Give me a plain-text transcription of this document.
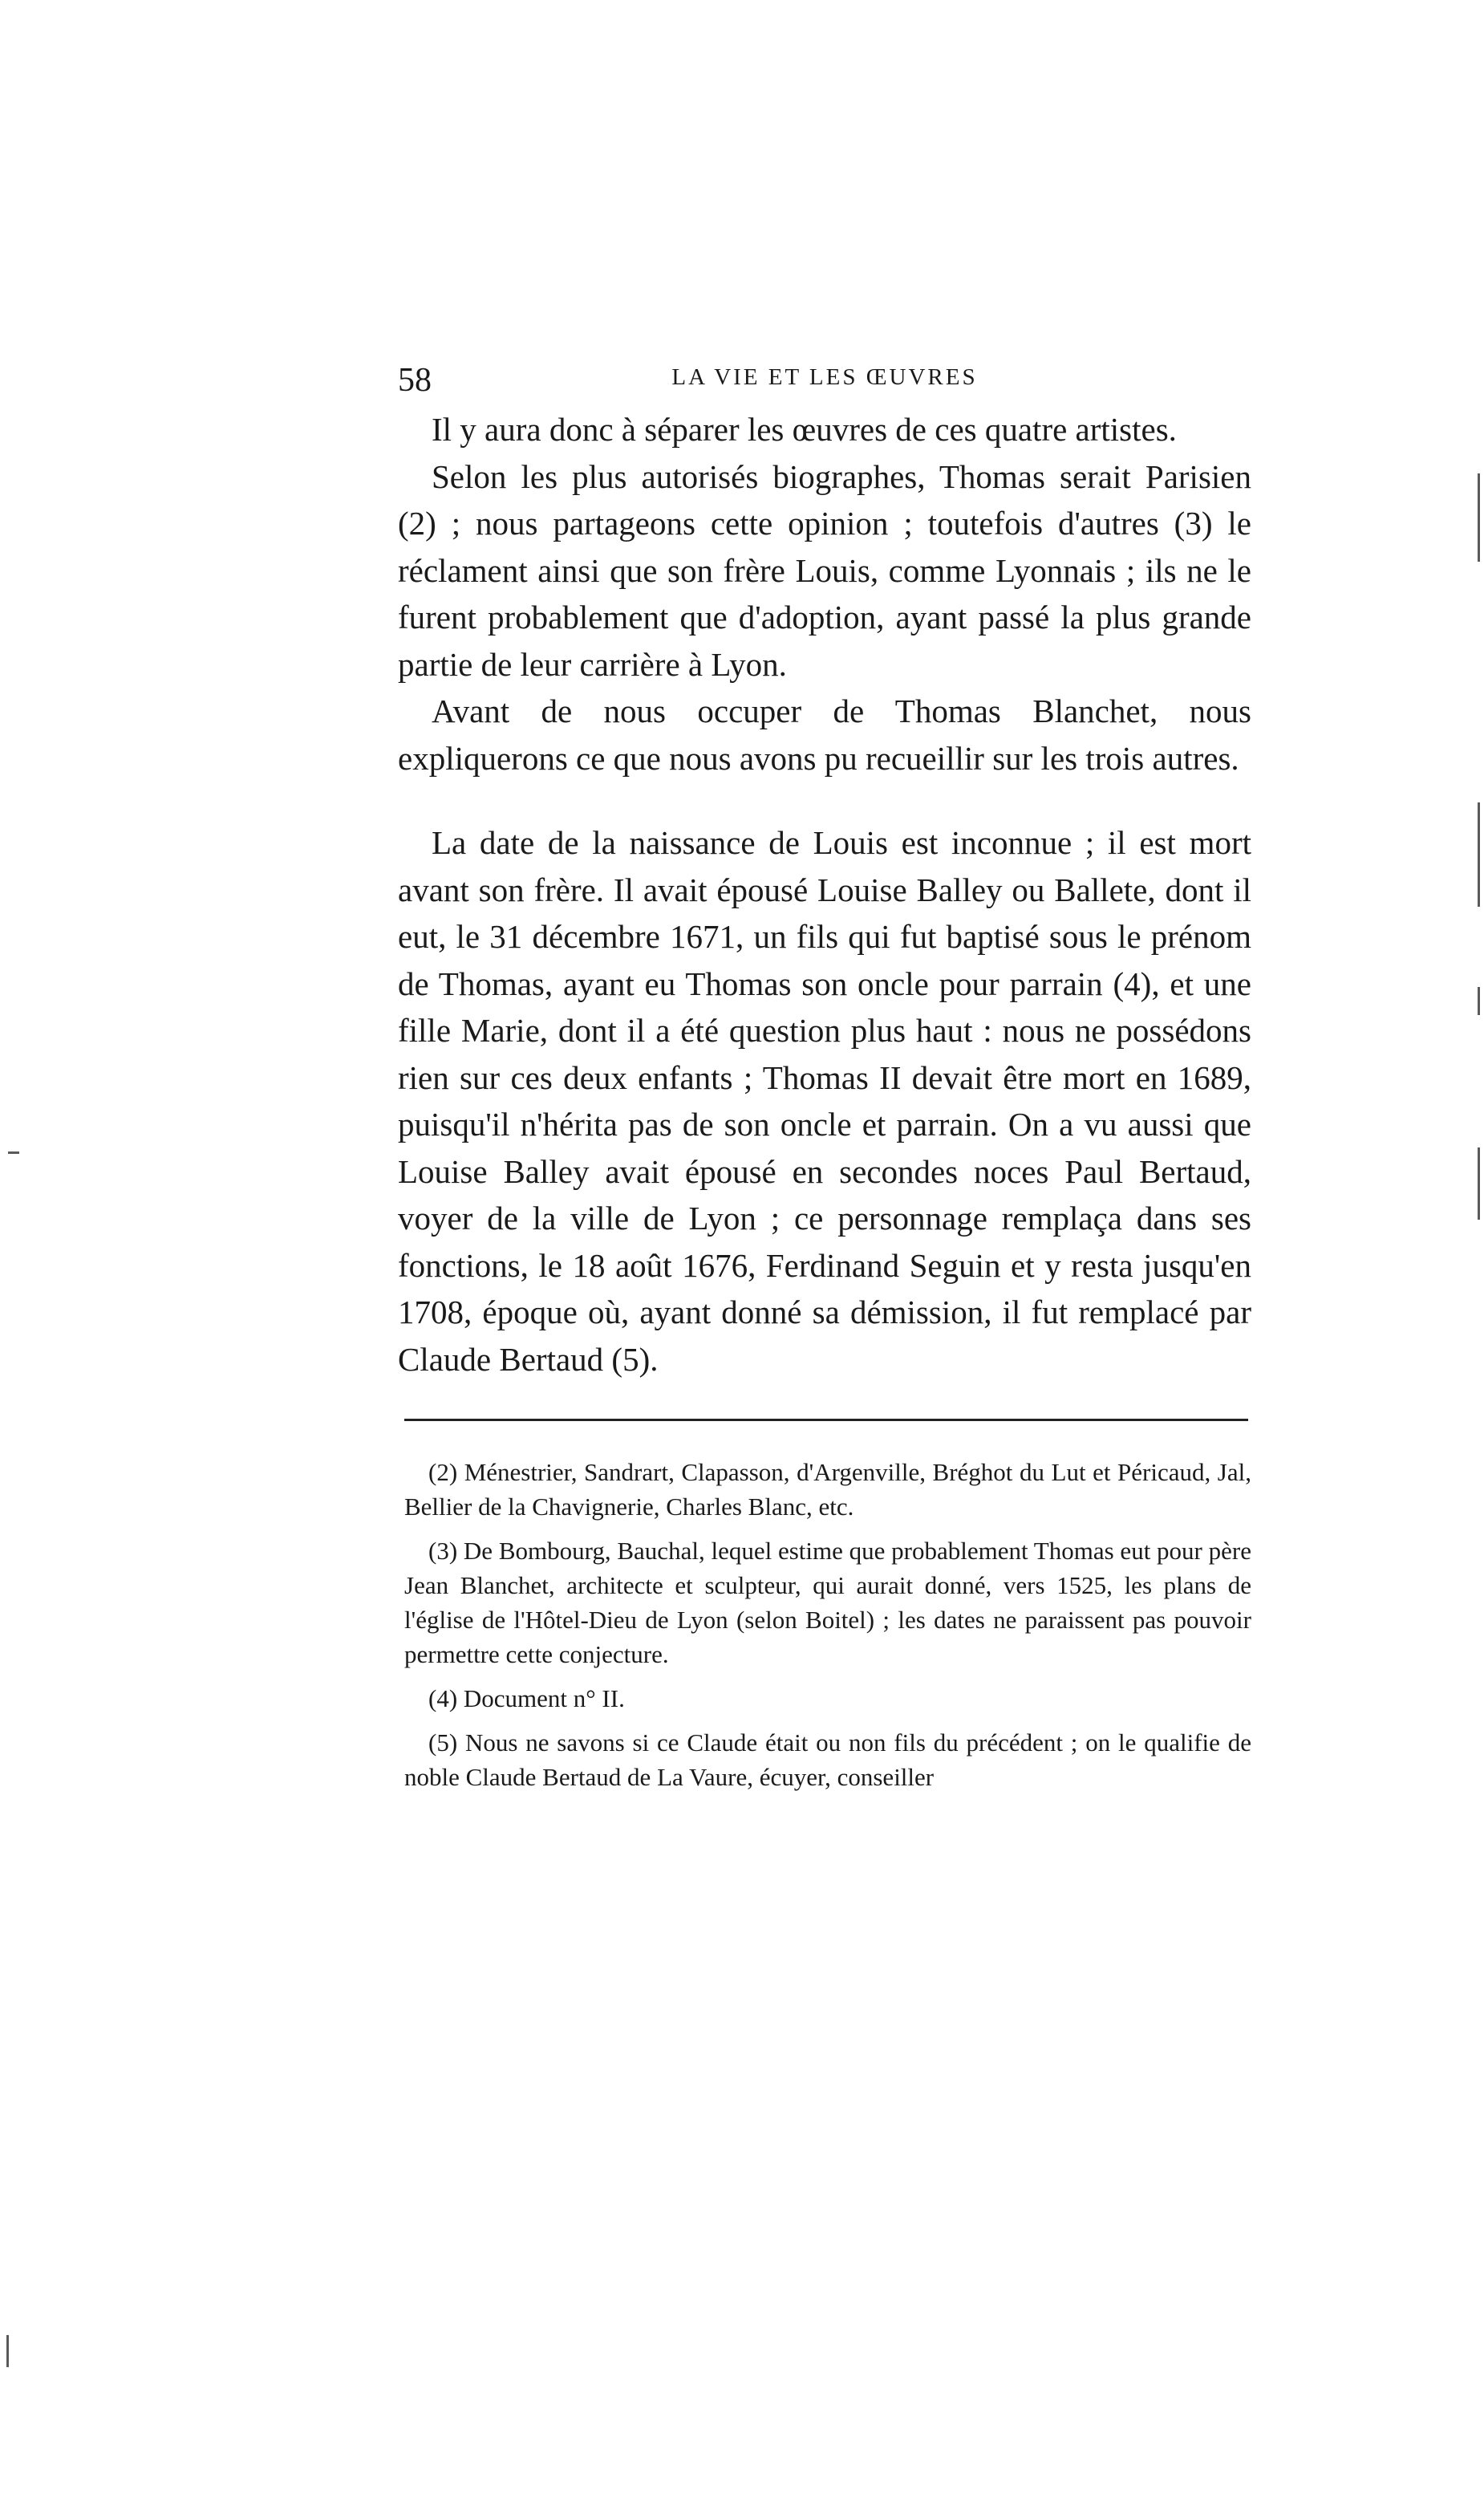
58	LA VIE ET LES ŒUVRES

Il y aura donc à séparer les œuvres de ces quatre artistes.

Selon les plus autorisés biographes, Thomas serait Parisien (2) ; nous partageons cette opinion ; toutefois d'autres (3) le réclament ainsi que son frère Louis, comme Lyonnais ; ils ne le furent probablement que d'adoption, ayant passé la plus grande partie de leur carrière à Lyon.

Avant de nous occuper de Thomas Blanchet, nous expliquerons ce que nous avons pu recueillir sur les trois autres.

La date de la naissance de Louis est inconnue ; il est mort avant son frère. Il avait épousé Louise Balley ou Ballete, dont il eut, le 31 décembre 1671, un fils qui fut baptisé sous le prénom de Thomas, ayant eu Thomas son oncle pour parrain (4), et une fille Marie, dont il a été question plus haut : nous ne possédons rien sur ces deux enfants ; Thomas II devait être mort en 1689, puisqu'il n'hérita pas de son oncle et parrain. On a vu aussi que Louise Balley avait épousé en secondes noces Paul Bertaud, voyer de la ville de Lyon ; ce personnage remplaça dans ses fonctions, le 18 août 1676, Ferdinand Seguin et y resta jusqu'en 1708, époque où, ayant donné sa démission, il fut remplacé par Claude Bertaud (5).

(2) Ménestrier, Sandrart, Clapasson, d'Argenville, Bréghot du Lut et Péricaud, Jal, Bellier de la Chavignerie, Charles Blanc, etc.

(3) De Bombourg, Bauchal, lequel estime que probablement Thomas eut pour père Jean Blanchet, architecte et sculpteur, qui aurait donné, vers 1525, les plans de l'église de l'Hôtel-Dieu de Lyon (selon Boitel) ; les dates ne paraissent pas pouvoir permettre cette conjecture.

(4) Document n° II.

(5) Nous ne savons si ce Claude était ou non fils du précédent ; on le qualifie de noble Claude Bertaud de La Vaure, écuyer, conseiller
